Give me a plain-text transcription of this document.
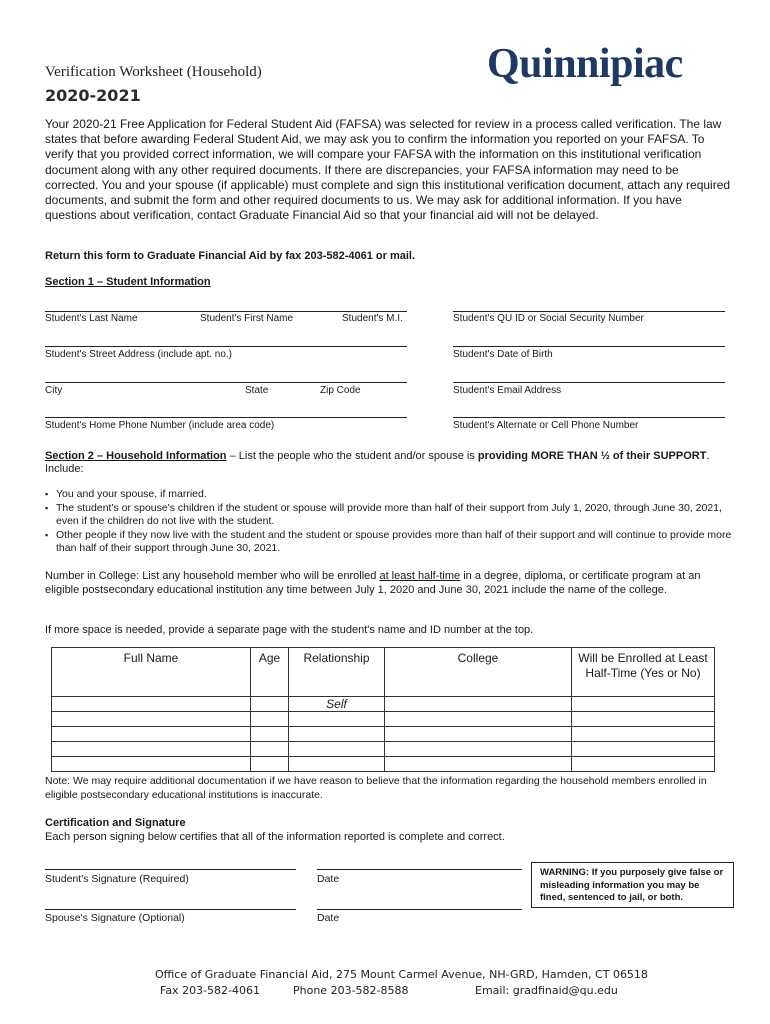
Verification Worksheet (Household)
2020-2021
Quinnipiac
Your 2020-21 Free Application for Federal Student Aid (FAFSA) was selected for review in a process called verification. The law states that before awarding Federal Student Aid, we may ask you to confirm the information you reported on your FAFSA. To verify that you provided correct information, we will compare your FAFSA with the information on this institutional verification document along with any other required documents. If there are discrepancies, your FAFSA information may need to be corrected. You and your spouse (if applicable) must complete and sign this institutional verification document, attach any required documents, and submit the form and other required documents to us. We may ask for additional information. If you have questions about verification, contact Graduate Financial Aid so that your financial aid will not be delayed.
Return this form to Graduate Financial Aid by fax 203-582-4061 or mail.
Section 1 – Student Information
Student's Last Name	Student's First Name	Student's M.I.	Student's QU ID or Social Security Number
Student's Street Address (include apt. no.)	Student's Date of Birth
City	State	Zip Code	Student's Email Address
Student's Home Phone Number (include area code)	Student's Alternate or Cell Phone Number
Section 2 – Household Information – List the people who the student and/or spouse is providing MORE THAN ½ of their SUPPORT. Include:
▪ You and your spouse, if married.
▪ The student's or spouse's children if the student or spouse will provide more than half of their support from July 1, 2020, through June 30, 2021, even if the children do not live with the student.
▪ Other people if they now live with the student and the student or spouse provides more than half of their support and will continue to provide more than half of their support through June 30, 2021.
Number in College: List any household member who will be enrolled at least half-time in a degree, diploma, or certificate program at an eligible postsecondary educational institution any time between July 1, 2020 and June 30, 2021 include the name of the college.
If more space is needed, provide a separate page with the student's name and ID number at the top.
Full Name	Age	Relationship	College	Will be Enrolled at Least Half-Time (Yes or No)
		Self		

Note: We may require additional documentation if we have reason to believe that the information regarding the household members enrolled in eligible postsecondary educational institutions is inaccurate.
Certification and Signature
Each person signing below certifies that all of the information reported is complete and correct.
Student's Signature (Required)	Date
Spouse's Signature (Optional)	Date
WARNING: If you purposely give false or misleading information you may be fined, sentenced to jail, or both.
Office of Graduate Financial Aid, 275 Mount Carmel Avenue, NH-GRD, Hamden, CT 06518
Fax 203-582-4061	Phone 203-582-8588	Email: gradfinaid@qu.edu
